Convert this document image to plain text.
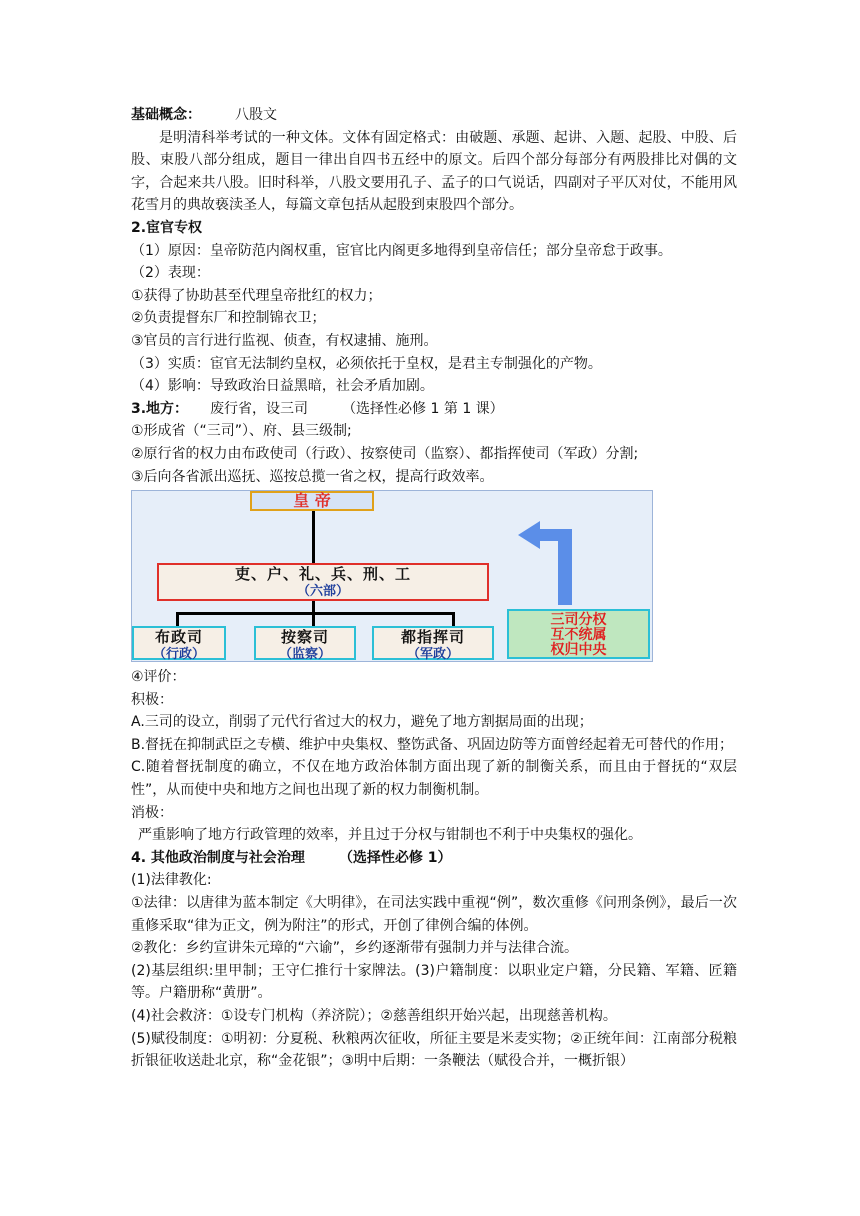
基础概念： 八股文
是明清科举考试的一种文体。文体有固定格式：由破题、承题、起讲、入题、起股、中股、后股、束股八部分组成，题目一律出自四书五经中的原文。后四个部分每部分有两股排比对偶的文字，合起来共八股。旧时科举，八股文要用孔子、孟子的口气说话，四副对子平仄对仗，不能用风花雪月的典故亵渎圣人，每篇文章包括从起股到束股四个部分。
2.宦官专权
（1）原因：皇帝防范内阁权重，宦官比内阁更多地得到皇帝信任；部分皇帝怠于政事。
（2）表现：
①获得了协助甚至代理皇帝批红的权力；
②负责提督东厂和控制锦衣卫；
③官员的言行进行监视、侦查，有权逮捕、施刑。
（3）实质：宦官无法制约皇权，必须依托于皇权，是君主专制强化的产物。
（4）影响：导致政治日益黑暗，社会矛盾加剧。
3.地方： 废行省，设三司 （选择性必修 1 第 1 课）
①形成省（“三司”）、府、县三级制;
②原行省的权力由布政使司（行政）、按察使司（监察）、都指挥使司（军政）分割;
③后向各省派出巡抚、巡按总揽一省之权，提高行政效率。
皇 帝
吏、户、礼、兵、刑、工
（六部）
布政司
（行政）
按察司
（监察）
都指挥司
（军政）
三司分权
互不统属
权归中央
④评价：
积极：
A.三司的设立，削弱了元代行省过大的权力，避免了地方割据局面的出现；
B.督抚在抑制武臣之专横、维护中央集权、整饬武备、巩固边防等方面曾经起着无可替代的作用；
C.随着督抚制度的确立，不仅在地方政治体制方面出现了新的制衡关系，而且由于督抚的“双层性”，从而使中央和地方之间也出现了新的权力制衡机制。
消极：
严重影响了地方行政管理的效率，并且过于分权与钳制也不利于中央集权的强化。
4. 其他政治制度与社会治理 （选择性必修 1）
(1)法律教化:
①法律：以唐律为蓝本制定《大明律》，在司法实践中重视“例”，数次重修《问刑条例》，最后一次重修采取“律为正文，例为附注”的形式，开创了律例合编的体例。
②教化：乡约宣讲朱元璋的“六谕”，乡约逐渐带有强制力并与法律合流。
(2)基层组织:里甲制；王守仁推行十家牌法。(3)户籍制度：以职业定户籍，分民籍、军籍、匠籍等。户籍册称“黄册”。
(4)社会救济：①设专门机构（养济院）；②慈善组织开始兴起，出现慈善机构。
(5)赋役制度：①明初：分夏税、秋粮两次征收，所征主要是米麦实物；②正统年间：江南部分税粮折银征收送赴北京，称“金花银”；③明中后期：一条鞭法（赋役合并，一概折银）
